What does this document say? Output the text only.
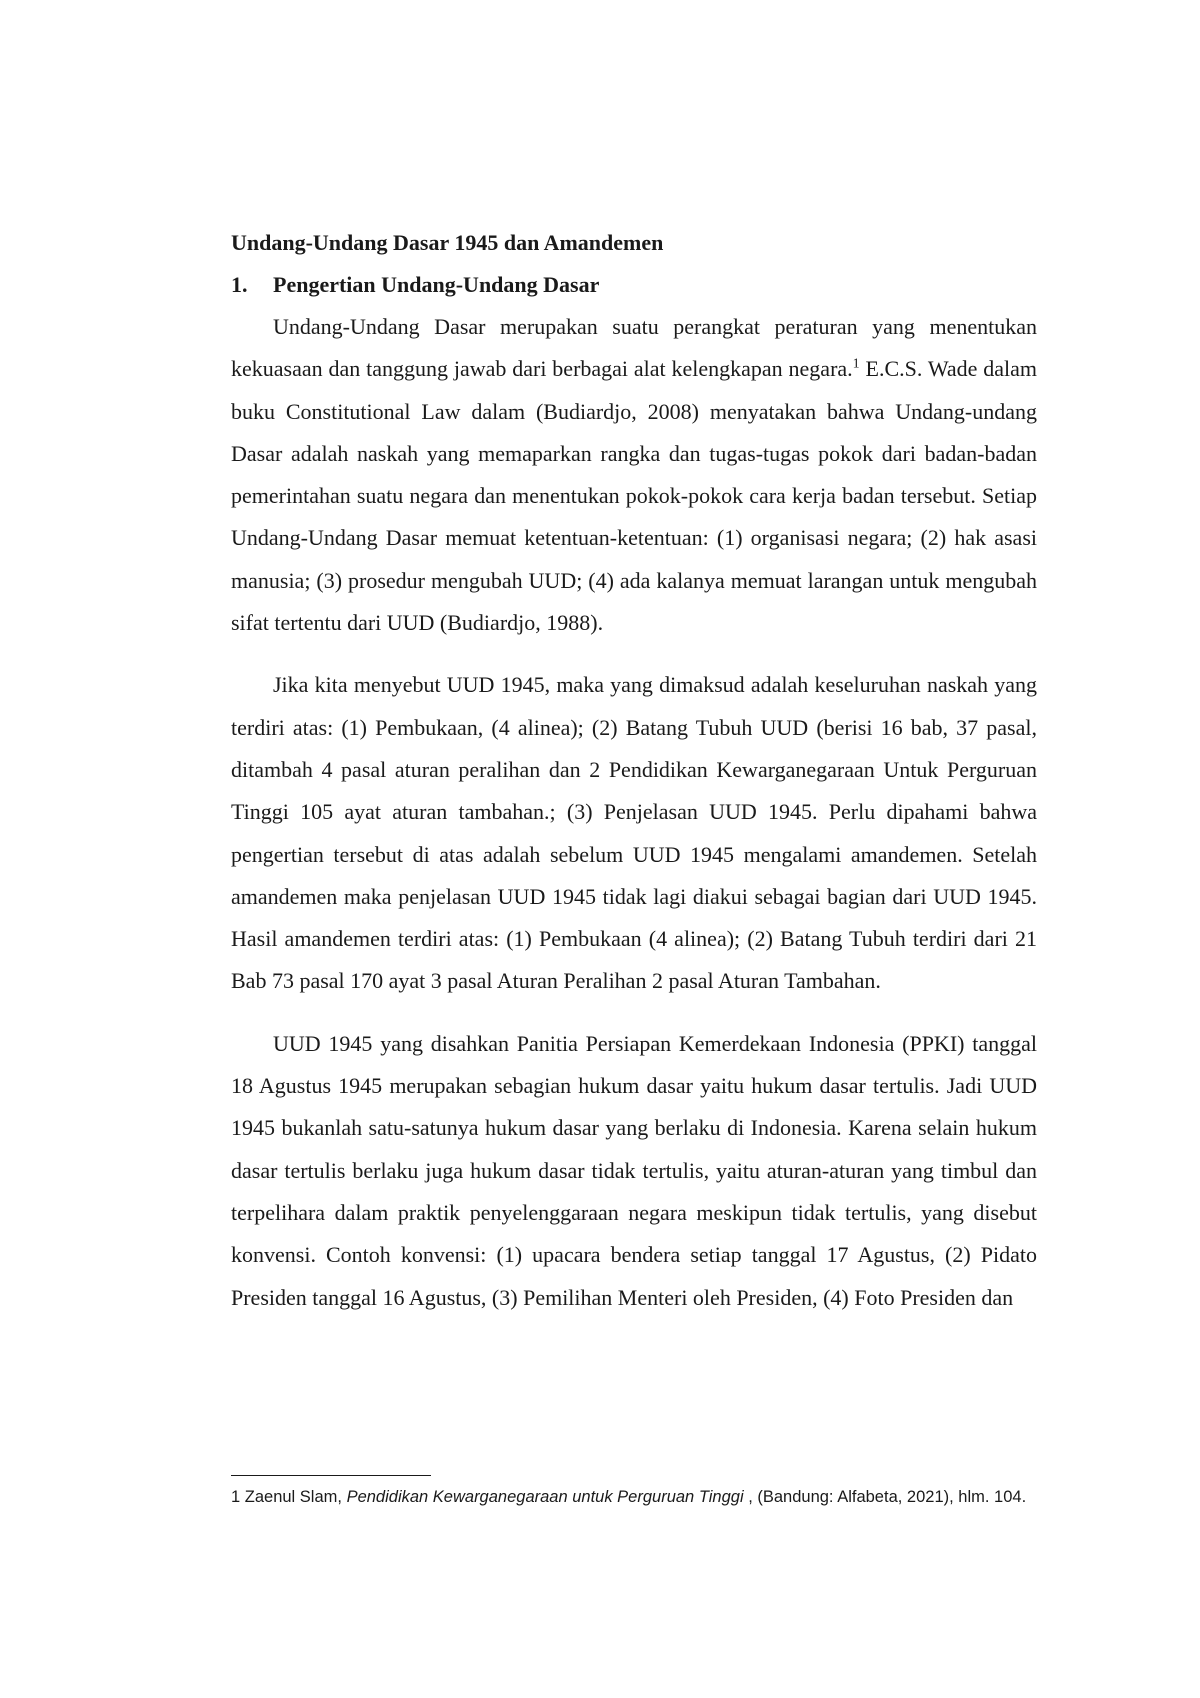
Undang-Undang Dasar 1945 dan Amandemen
1.	Pengertian Undang-Undang Dasar

Undang-Undang Dasar merupakan suatu perangkat peraturan yang menentukan kekuasaan dan tanggung jawab dari berbagai alat kelengkapan negara.$^1$ E.C.S. Wade dalam buku Constitutional Law dalam (Budiardjo, 2008) menyatakan bahwa Undang-undang Dasar adalah naskah yang memaparkan rangka dan tugas-tugas pokok dari badan-badan pemerintahan suatu negara dan menentukan pokok-pokok cara kerja badan tersebut. Setiap Undang-Undang Dasar memuat ketentuan-ketentuan: (1) organisasi negara; (2) hak asasi manusia; (3) prosedur mengubah UUD; (4) ada kalanya memuat larangan untuk mengubah sifat tertentu dari UUD (Budiardjo, 1988).

Jika kita menyebut UUD 1945, maka yang dimaksud adalah keseluruhan naskah yang terdiri atas: (1) Pembukaan, (4 alinea); (2) Batang Tubuh UUD (berisi 16 bab, 37 pasal, ditambah 4 pasal aturan peralihan dan 2 Pendidikan Kewarganegaraan Untuk Perguruan Tinggi 105 ayat aturan tambahan.; (3) Penjelasan UUD 1945. Perlu dipahami bahwa pengertian tersebut di atas adalah sebelum UUD 1945 mengalami amandemen. Setelah amandemen maka penjelasan UUD 1945 tidak lagi diakui sebagai bagian dari UUD 1945. Hasil amandemen terdiri atas: (1) Pembukaan (4 alinea); (2) Batang Tubuh terdiri dari 21 Bab 73 pasal 170 ayat 3 pasal Aturan Peralihan 2 pasal Aturan Tambahan.

UUD 1945 yang disahkan Panitia Persiapan Kemerdekaan Indonesia (PPKI) tanggal 18 Agustus 1945 merupakan sebagian hukum dasar yaitu hukum dasar tertulis. Jadi UUD 1945 bukanlah satu-satunya hukum dasar yang berlaku di Indonesia. Karena selain hukum dasar tertulis berlaku juga hukum dasar tidak tertulis, yaitu aturan-aturan yang timbul dan terpelihara dalam praktik penyelenggaraan negara meskipun tidak tertulis, yang disebut konvensi. Contoh konvensi: (1) upacara bendera setiap tanggal 17 Agustus, (2) Pidato Presiden tanggal 16 Agustus, (3) Pemilihan Menteri oleh Presiden, (4) Foto Presiden dan

1 Zaenul Slam, Pendidikan Kewarganegaraan untuk Perguruan Tinggi , (Bandung: Alfabeta, 2021), hlm. 104.
